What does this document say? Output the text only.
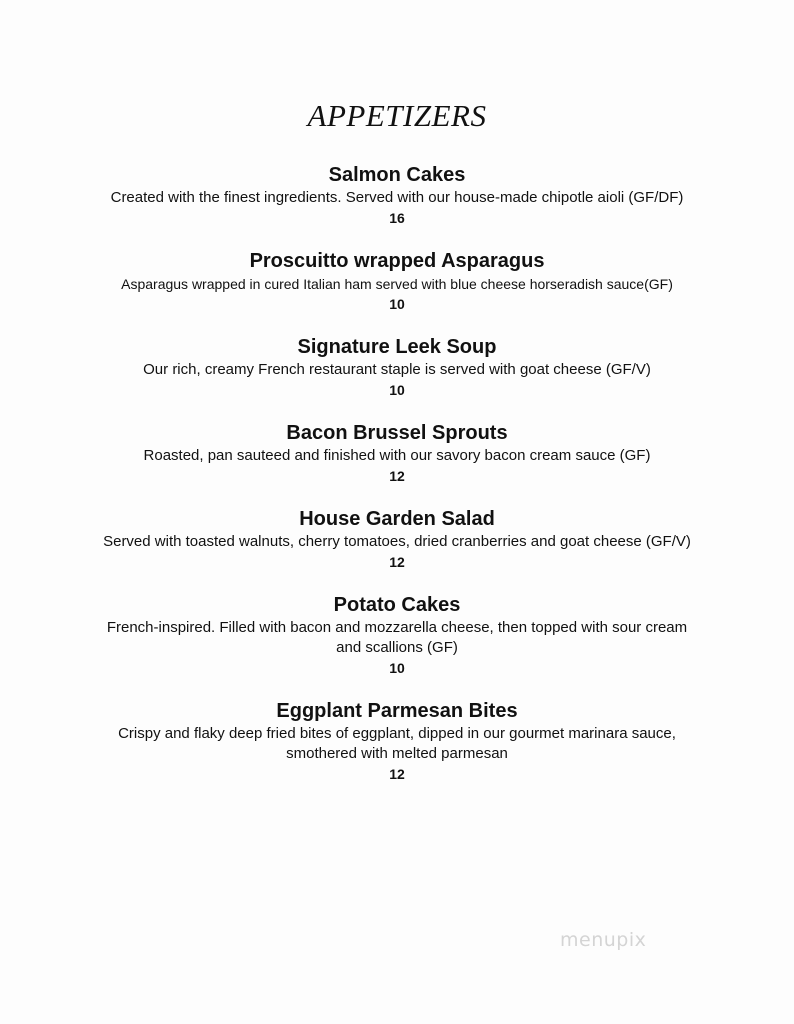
APPETIZERS
Salmon Cakes
Created with the finest ingredients. Served with our house-made chipotle aioli (GF/DF)
16
Proscuitto wrapped Asparagus
Asparagus wrapped in cured Italian ham served with blue cheese horseradish sauce(GF)
10
Signature Leek Soup
Our rich, creamy French restaurant staple is served with goat cheese (GF/V)
10
Bacon Brussel Sprouts
Roasted, pan sauteed and finished with our savory bacon cream sauce (GF)
12
House Garden Salad
Served with toasted walnuts, cherry tomatoes, dried cranberries and goat cheese (GF/V)
12
Potato Cakes
French-inspired. Filled with bacon and mozzarella cheese, then topped with sour cream and scallions (GF)
10
Eggplant Parmesan Bites
Crispy and flaky deep fried bites of eggplant, dipped in our gourmet marinara sauce, smothered with melted parmesan
12
menupix
